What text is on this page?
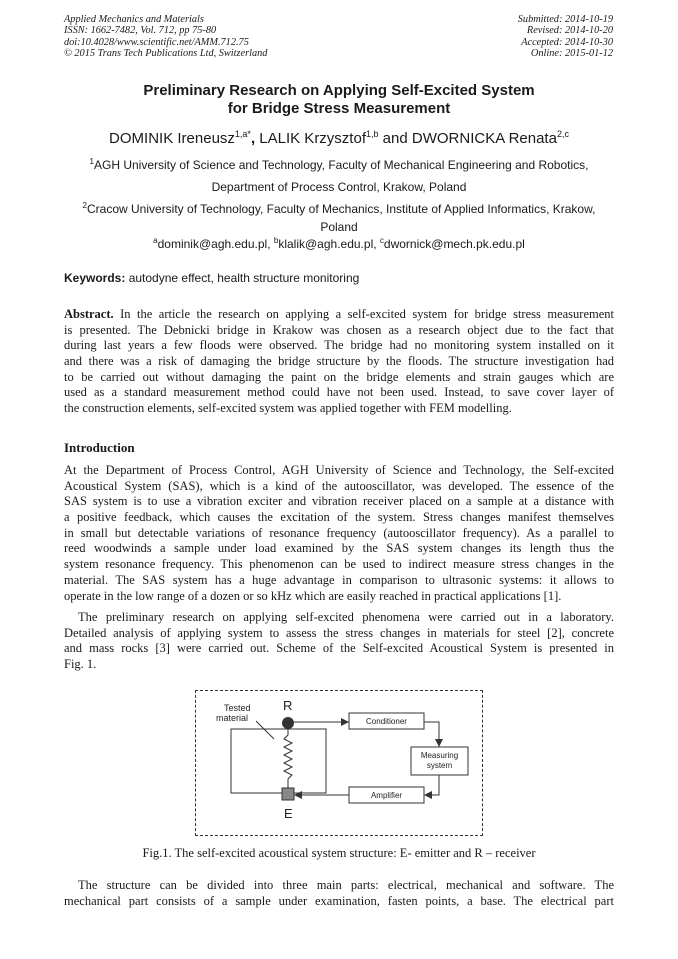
Applied Mechanics and Materials
ISSN: 1662-7482, Vol. 712, pp 75-80
doi:10.4028/www.scientific.net/AMM.712.75
© 2015 Trans Tech Publications Ltd, Switzerland
Submitted: 2014-10-19
Revised: 2014-10-20
Accepted: 2014-10-30
Online: 2015-01-12
Preliminary Research on Applying Self-Excited System
for Bridge Stress Measurement
DOMINIK Ireneusz$^{1,a*}$, LALIK Krzysztof$^{1,b}$ and DWORNICKA Renata$^{2,c}$
$^1$AGH University of Science and Technology, Faculty of Mechanical Engineering and Robotics,
Department of Process Control, Krakow, Poland
$^2$Cracow University of Technology, Faculty of Mechanics, Institute of Applied Informatics, Krakow,
Poland
$^a$dominik@agh.edu.pl, $^b$klalik@agh.edu.pl, $^c$dwornick@mech.pk.edu.pl
Keywords: autodyne effect, health structure monitoring
Abstract. In the article the research on applying a self-excited system for bridge stress measurement
is presented. The Debnicki bridge in Krakow was chosen as a research object due to the fact that
during last years a few floods were observed. The bridge had no monitoring system installed on it
and there was a risk of damaging the bridge structure by the floods. The structure investigation had
to be carried out without damaging the paint on the bridge elements and strain gauges which are
used as a standard measurement method could have not been used. Instead, to save cover layer of
the construction elements, self-excited system was applied together with FEM modelling.
Introduction
At the Department of Process Control, AGH University of Science and Technology, the Self-excited
Acoustical System (SAS), which is a kind of the autooscillator, was developed. The essence of the
SAS system is to use a vibration exciter and vibration receiver placed on a sample at a distance with
a positive feedback, which causes the excitation of the system. Stress changes manifest themselves
in small but detectable variations of resonance frequency (autooscillator frequency). As a parallel to
reed woodwinds a sample under load examined by the SAS system changes its length thus the
system resonance frequency. This phenomenon can be used to indirect measure stress changes in the
material. The SAS system has a huge advantage in comparison to ultrasonic systems: it allows to
operate in the low range of a dozen or so kHz which are easily reached in practical applications [1].
The preliminary research on applying self-excited phenomena were carried out in a laboratory.
Detailed analysis of applying system to assess the stress changes in materials for steel [2], concrete
and mass rocks [3] were carried out. Scheme of the Self-excited Acoustical System is presented in
Fig. 1.
Tested
material
R
E
Conditioner
Measuring
system
Amplifier
Fig.1. The self-excited acoustical system structure: E- emitter and R – receiver
The structure can be divided into three main parts: electrical, mechanical and software. The
mechanical part consists of a sample under examination, fasten points, a base. The electrical part
